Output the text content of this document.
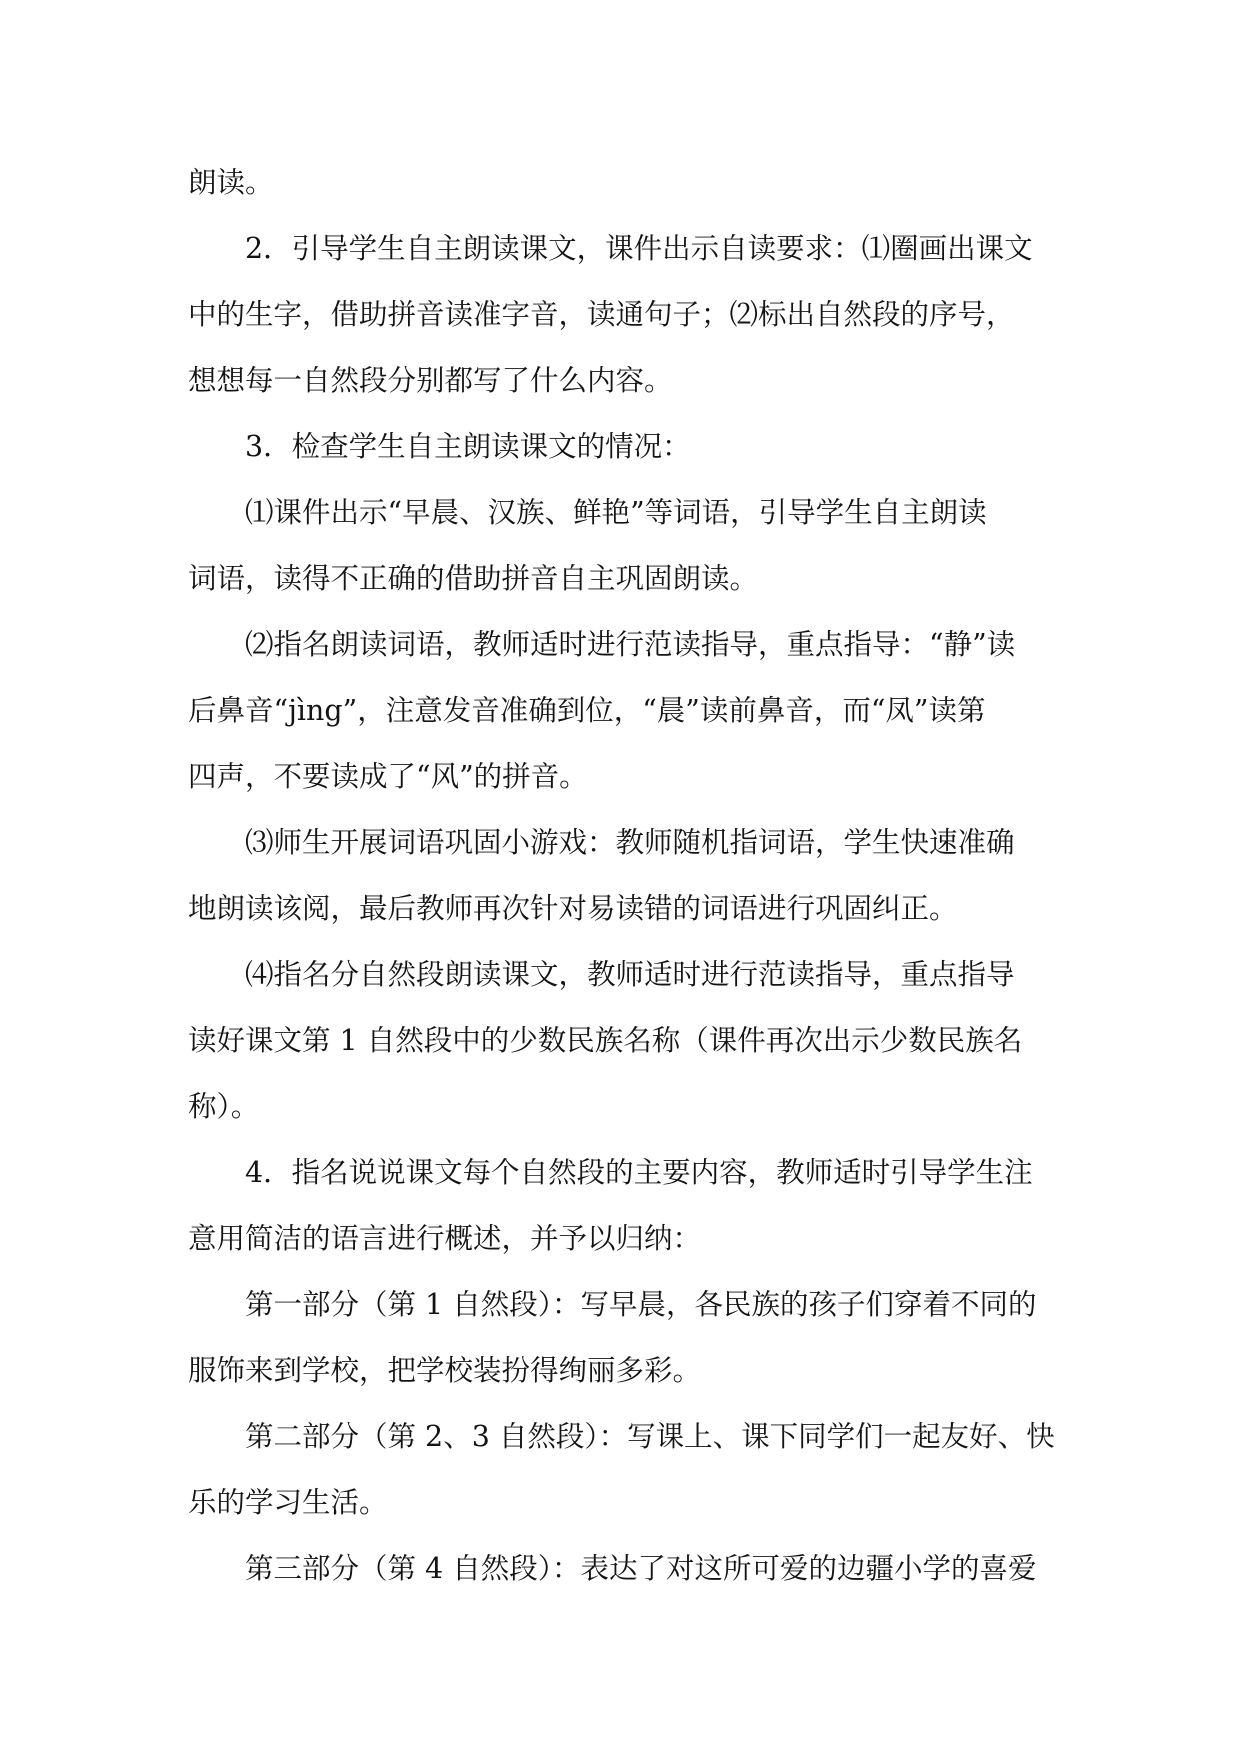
朗读。
2．引导学生自主朗读课文，课件出示自读要求：⑴圈画出课文
中的生字，借助拼音读准字音，读通句子；⑵标出自然段的序号，
想想每一自然段分别都写了什么内容。
3．检查学生自主朗读课文的情况：
⑴课件出示“早晨、汉族、鲜艳”等词语，引导学生自主朗读
词语，读得不正确的借助拼音自主巩固朗读。
⑵指名朗读词语，教师适时进行范读指导，重点指导：“静”读
后鼻音“jìng”，注意发音准确到位，“晨”读前鼻音，而“凤”读第
四声，不要读成了“风”的拼音。
⑶师生开展词语巩固小游戏：教师随机指词语，学生快速准确
地朗读该阅，最后教师再次针对易读错的词语进行巩固纠正。
⑷指名分自然段朗读课文，教师适时进行范读指导，重点指导
读好课文第 1 自然段中的少数民族名称（课件再次出示少数民族名
称）。
4．指名说说课文每个自然段的主要内容，教师适时引导学生注
意用简洁的语言进行概述，并予以归纳：
第一部分（第 1 自然段）：写早晨，各民族的孩子们穿着不同的
服饰来到学校，把学校装扮得绚丽多彩。
第二部分（第 2、3 自然段）：写课上、课下同学们一起友好、快
乐的学习生活。
第三部分（第 4 自然段）：表达了对这所可爱的边疆小学的喜爱
